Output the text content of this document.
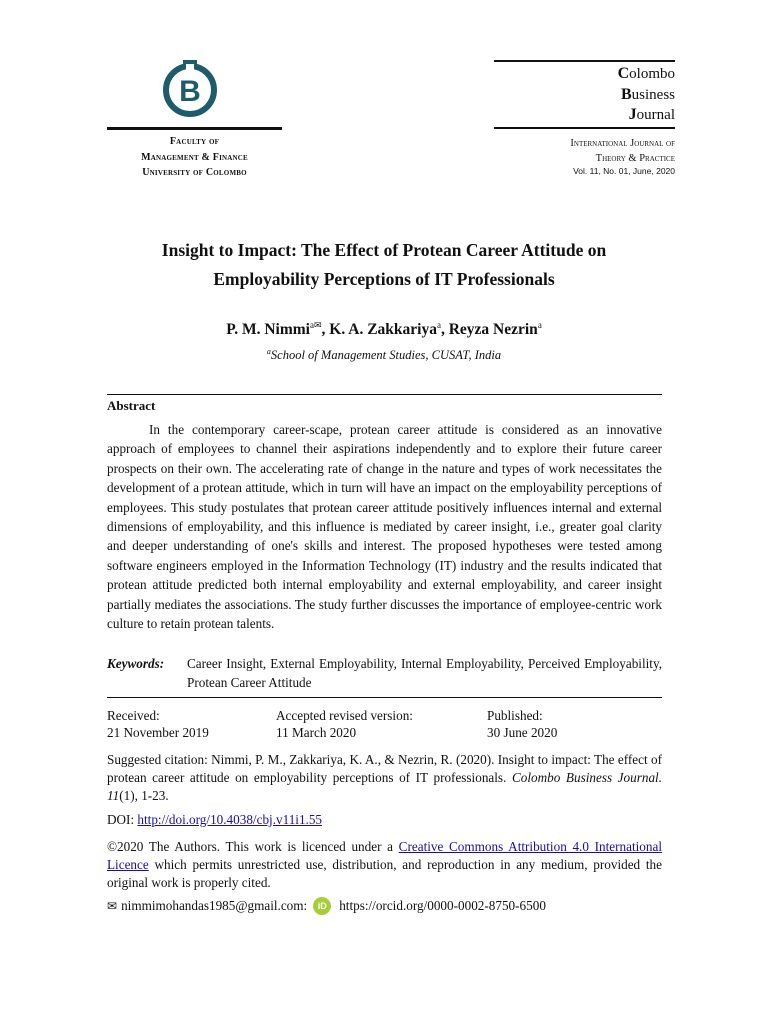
B
Faculty of
Management & Finance
University of Colombo
Colombo
Business
Journal
International Journal of
Theory & Practice
Vol. 11, No. 01, June, 2020
Insight to Impact: The Effect of Protean Career Attitude on
Employability Perceptions of IT Professionals
P. M. Nimmi$^{a✉}$, K. A. Zakkariya$^a$, Reyza Nezrin$^a$
$^a$School of Management Studies, CUSAT, India
Abstract

In the contemporary career-scape, protean career attitude is considered as an innovative approach of employees to channel their aspirations independently and to explore their future career prospects on their own. The accelerating rate of change in the nature and types of work necessitates the development of a protean attitude, which in turn will have an impact on the employability perceptions of employees. This study postulates that protean career attitude positively influences internal and external dimensions of employability, and this influence is mediated by career insight, i.e., greater goal clarity and deeper understanding of one's skills and interest. The proposed hypotheses were tested among software engineers employed in the Information Technology (IT) industry and the results indicated that protean attitude predicted both internal employability and external employability, and career insight partially mediates the associations. The study further discusses the importance of employee-centric work culture to retain protean talents.

Keywords:	Career Insight, External Employability, Internal Employability, Perceived Employability, Protean Career Attitude
Received:
21 November 2019
Accepted revised version:
11 March 2020
Published:
30 June 2020
Suggested citation: Nimmi, P. M., Zakkariya, K. A., & Nezrin, R. (2020). Insight to impact: The effect of protean career attitude on employability perceptions of IT professionals. Colombo Business Journal. 11(1), 1-23.
DOI: http://doi.org/10.4038/cbj.v11i1.55
©2020 The Authors. This work is licenced under a Creative Commons Attribution 4.0 International Licence which permits unrestricted use, distribution, and reproduction in any medium, provided the original work is properly cited.
✉ nimmimohandas1985@gmail.com:	iD https://orcid.org/0000-0002-8750-6500
